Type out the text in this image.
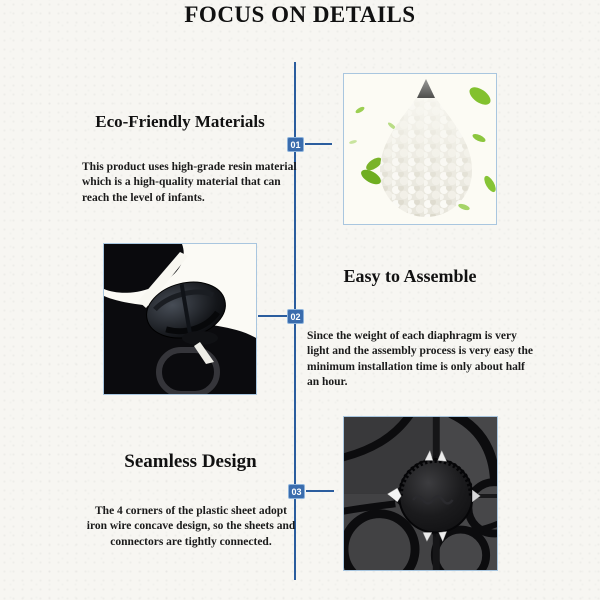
FOCUS ON DETAILS
01
02
03
Eco-Friendly Materials

This product uses high-grade resin material which is a high-quality material that can reach the level of infants.

Easy to Assemble

Since the weight of each diaphragm is very light and the assembly process is very easy the minimum installation time is only about half an hour.

Seamless Design

The 4 corners of the plastic sheet adopt iron wire concave design, so the sheets and connectors are tightly connected.
